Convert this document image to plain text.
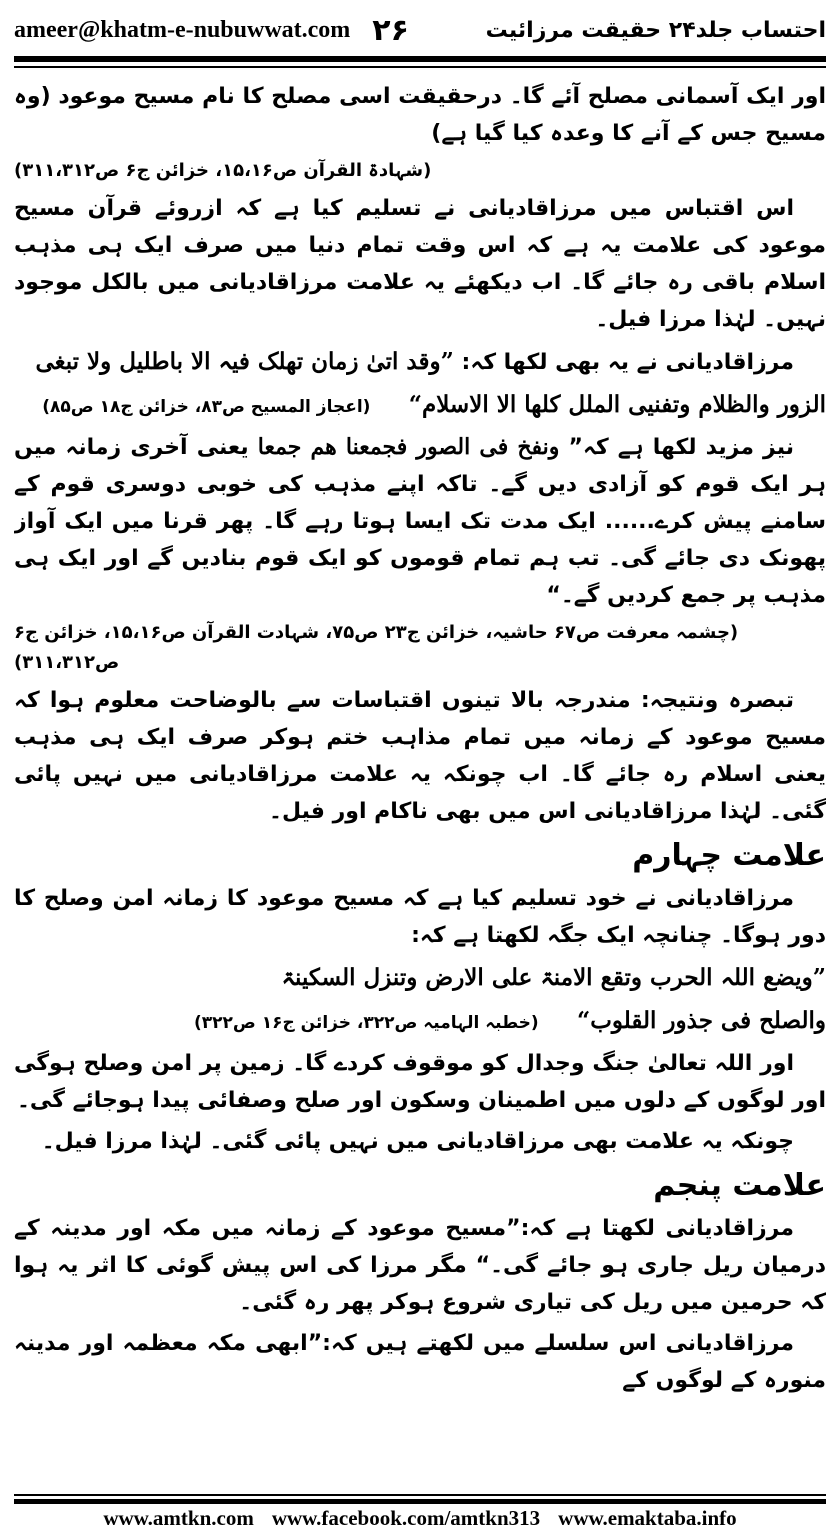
ameer@khatm-e-nubuwwat.com ۲۶	احتساب جلد۲۴ حقیقت مرزائیت

اور ایک آسمانی مصلح آئے گا۔ درحقیقت اسی مصلح کا نام مسیح موعود (وہ مسیح جس کے آنے کا وعدہ کیا گیا ہے)

(شہادۃ القرآن ص۱۵،۱۶، خزائن ج۶ ص۳۱۱،۳۱۲)

اس اقتباس میں مرزاقادیانی نے تسلیم کیا ہے کہ ازروئے قرآن مسیح موعود کی علامت یہ ہے کہ اس وقت تمام دنیا میں صرف ایک ہی مذہب اسلام باقی رہ جائے گا۔ اب دیکھئے یہ علامت مرزاقادیانی میں بالکل موجود نہیں۔ لہٰذا مرزا فیل۔

مرزاقادیانی نے یہ بھی لکھا کہ: ”وقد اتیٰ زمان تھلک فیہ الا باطلیل ولا تبغی

الزور والظلام وتفنیی الملل کلھا الا الاسلام“     (اعجاز المسیح ص۸۳، خزائن ج۱۸ ص۸۵)

نیز مزید لکھا ہے کہ” ونفخ فی الصور فجمعنا ھم جمعا یعنی آخری زمانہ میں ہر ایک قوم کو آزادی دیں گے۔ تاکہ اپنے مذہب کی خوبی دوسری قوم کے سامنے پیش کرے...... ایک مدت تک ایسا ہوتا رہے گا۔ پھر قرنا میں ایک آواز پھونک دی جائے گی۔ تب ہم تمام قوموں کو ایک قوم بنادیں گے اور ایک ہی مذہب پر جمع کردیں گے۔“

(چشمہ معرفت ص۶۷ حاشیہ، خزائن ج۲۳ ص۷۵، شہادت القرآن ص۱۵،۱۶، خزائن ج۶ ص۳۱۱،۳۱۲)

تبصرہ ونتیجہ: مندرجہ بالا تینوں اقتباسات سے بالوضاحت معلوم ہوا کہ مسیح موعود کے زمانہ میں تمام مذاہب ختم ہوکر صرف ایک ہی مذہب یعنی اسلام رہ جائے گا۔ اب چونکہ یہ علامت مرزاقادیانی میں نہیں پائی گئی۔ لہٰذا مرزاقادیانی اس میں بھی ناکام اور فیل۔

علامت چہارم

مرزاقادیانی نے خود تسلیم کیا ہے کہ مسیح موعود کا زمانہ امن وصلح کا دور ہوگا۔ چنانچہ ایک جگہ لکھتا ہے کہ:

”ویضع اللہ الحرب وتقع الامنۃ علی الارض وتنزل السکینۃ

والصلح فی جذور القلوب“     (خطبہ الہامیہ ص۳۲۲، خزائن ج۱۶ ص۳۲۲)

اور اللہ تعالیٰ جنگ وجدال کو موقوف کردے گا۔ زمین پر امن وصلح ہوگی اور لوگوں کے دلوں میں اطمینان وسکون اور صلح وصفائی پیدا ہوجائے گی۔

چونکہ یہ علامت بھی مرزاقادیانی میں نہیں پائی گئی۔ لہٰذا مرزا فیل۔

علامت پنجم

مرزاقادیانی لکھتا ہے کہ:”مسیح موعود کے زمانہ میں مکہ اور مدینہ کے درمیان ریل جاری ہو جائے گی۔“ مگر مرزا کی اس پیش گوئی کا اثر یہ ہوا کہ حرمین میں ریل کی تیاری شروع ہوکر پھر رہ گئی۔

مرزاقادیانی اس سلسلے میں لکھتے ہیں کہ:”ابھی مکہ معظمہ اور مدینہ منورہ کے لوگوں کے

www.amtkn.com www.facebook.com/amtkn313 www.emaktaba.info
